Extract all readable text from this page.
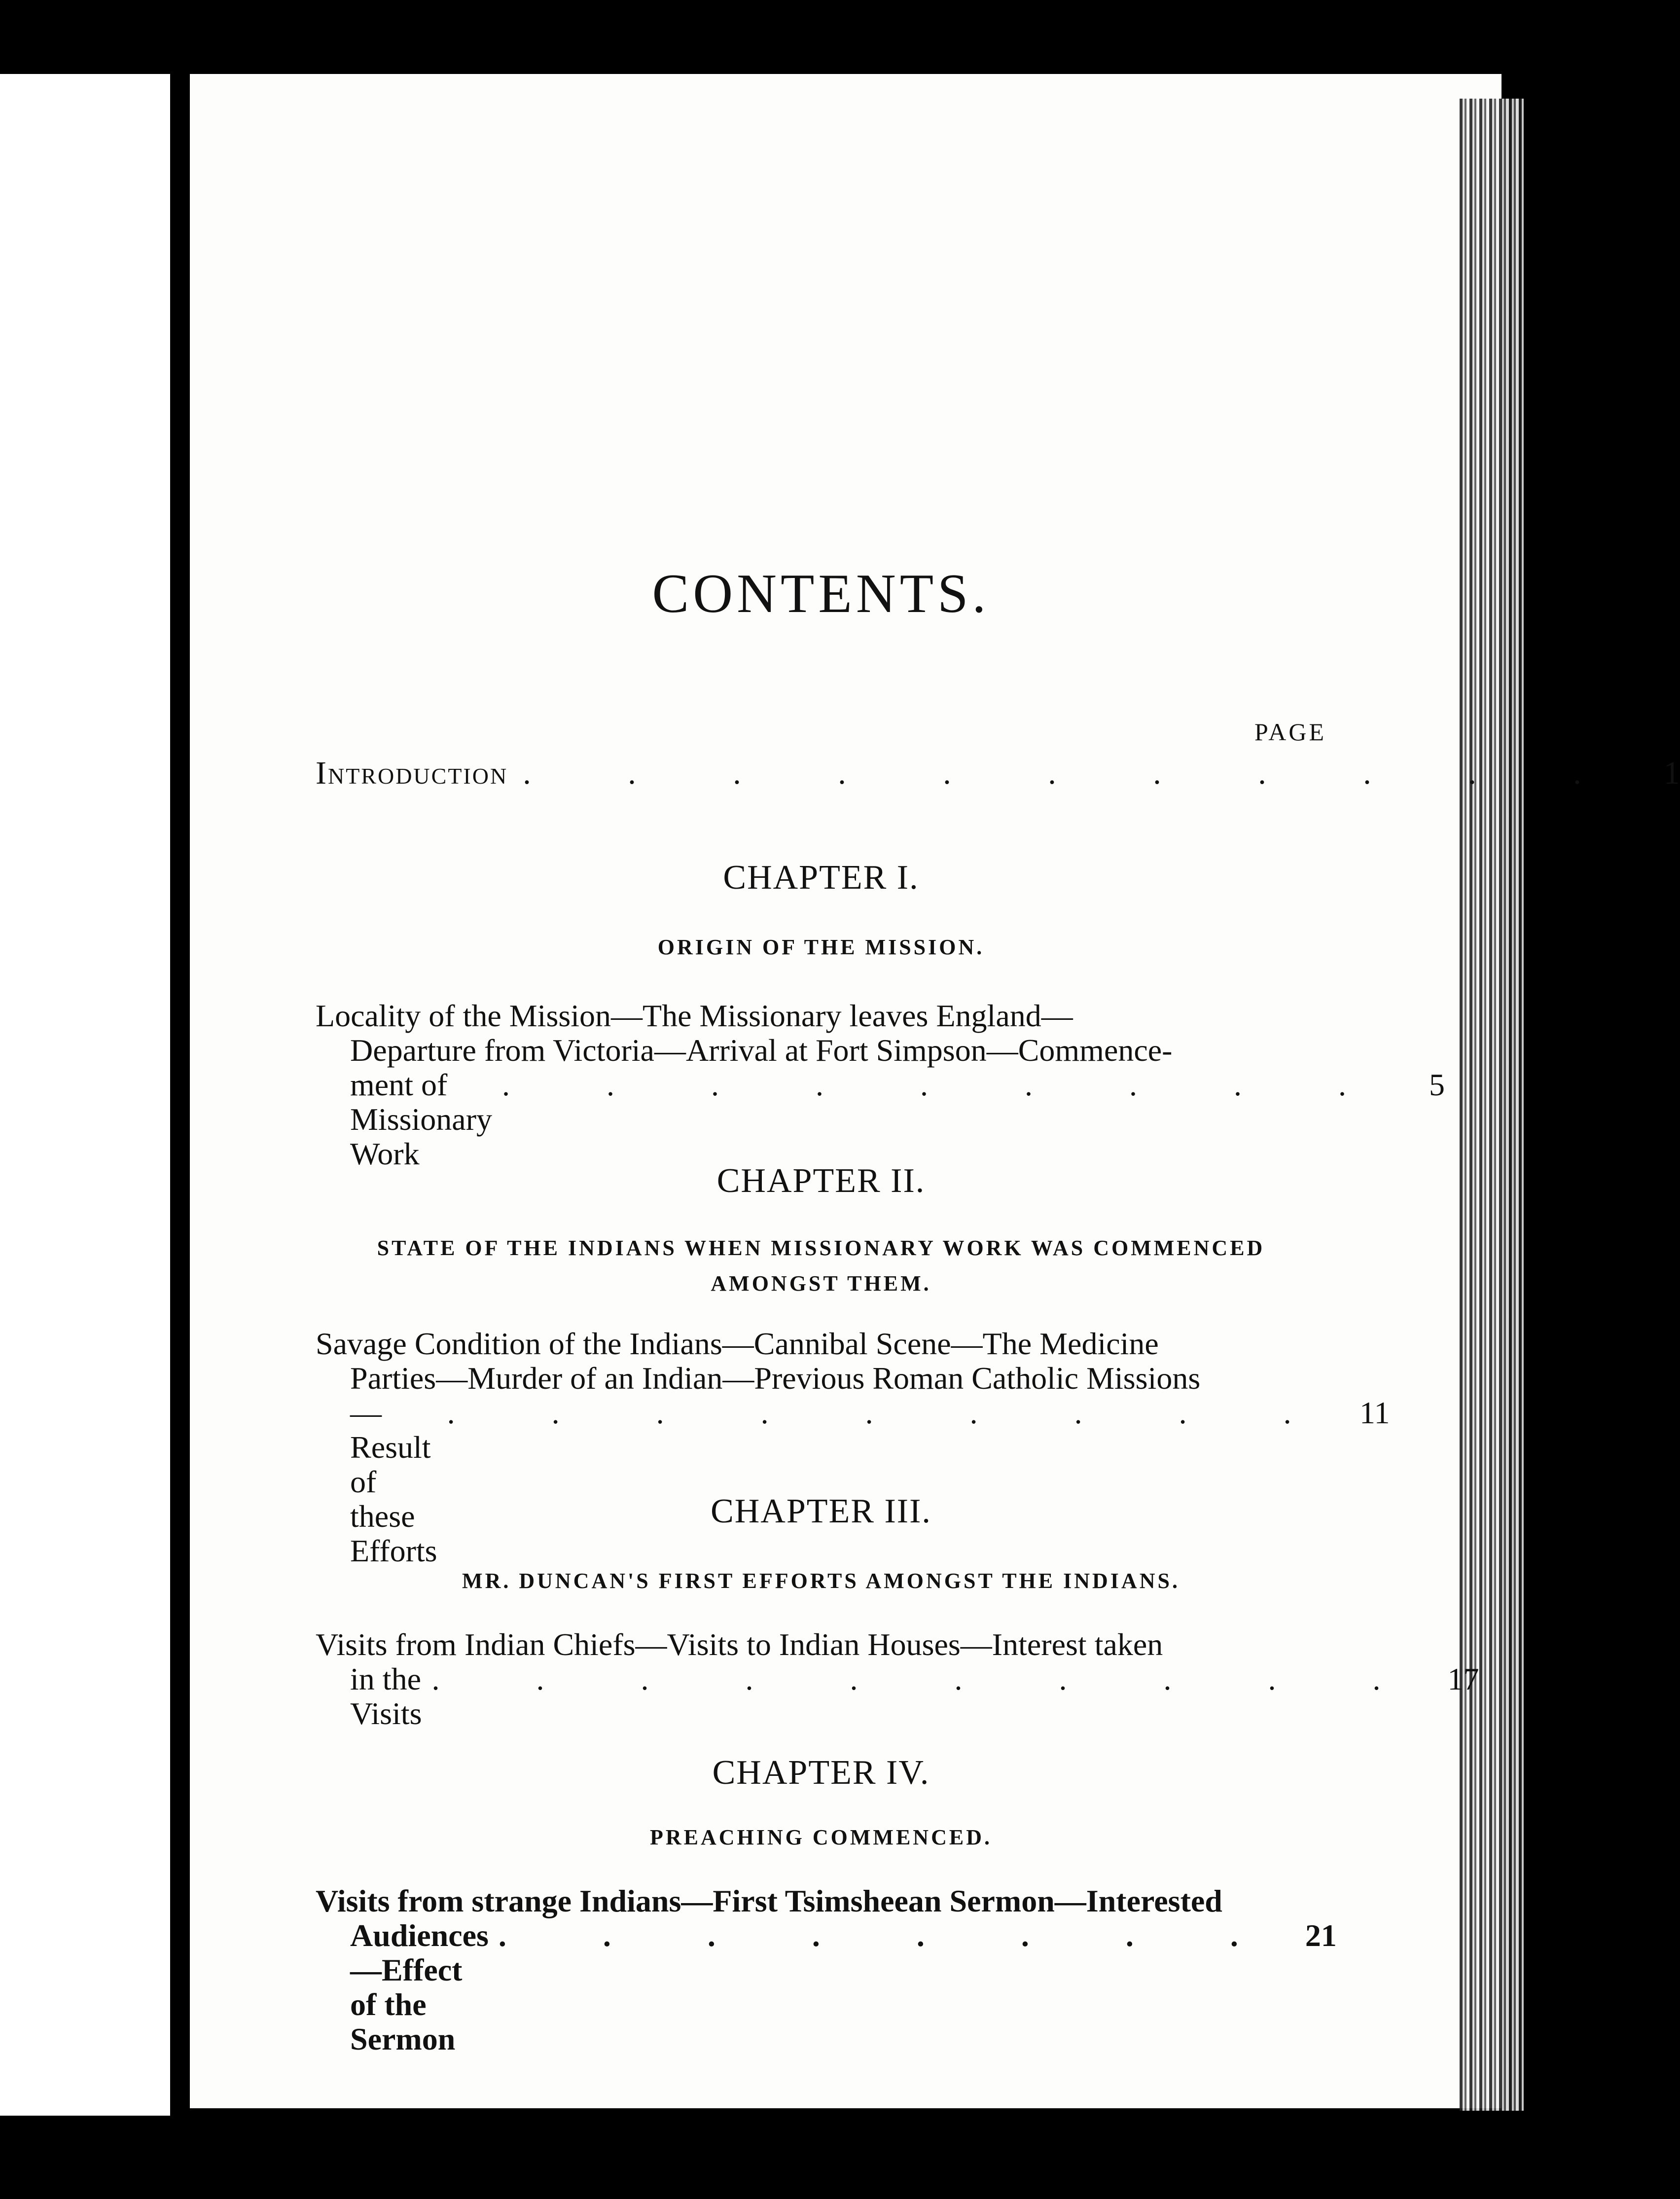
CONTENTS.
PAGE
Introduction . . . . . . . . . . .	1
CHAPTER I.
ORIGIN OF THE MISSION.
Locality of the Mission—The Missionary leaves England—
Departure from Victoria—Arrival at Fort Simpson—Commence-
ment of Missionary Work
. . . . . . . . .	5
CHAPTER II.
STATE OF THE INDIANS WHEN MISSIONARY WORK WAS COMMENCED AMONGST THEM.
Savage Condition of the Indians—Cannibal Scene—The Medicine
Parties—Murder of an Indian—Previous Roman Catholic Missions
—Result of these Efforts
. . . . . . . . . 11
CHAPTER III.
MR. DUNCAN'S FIRST EFFORTS AMONGST THE INDIANS.
Visits from Indian Chiefs—Visits to Indian Houses—Interest taken
in the Visits
. . . . . . . . . . 17
CHAPTER IV.
PREACHING COMMENCED.
Visits from strange Indians—First Tsimsheean Sermon—Interested
Audiences—Effect of the Sermon
. . . . . . . . 21
